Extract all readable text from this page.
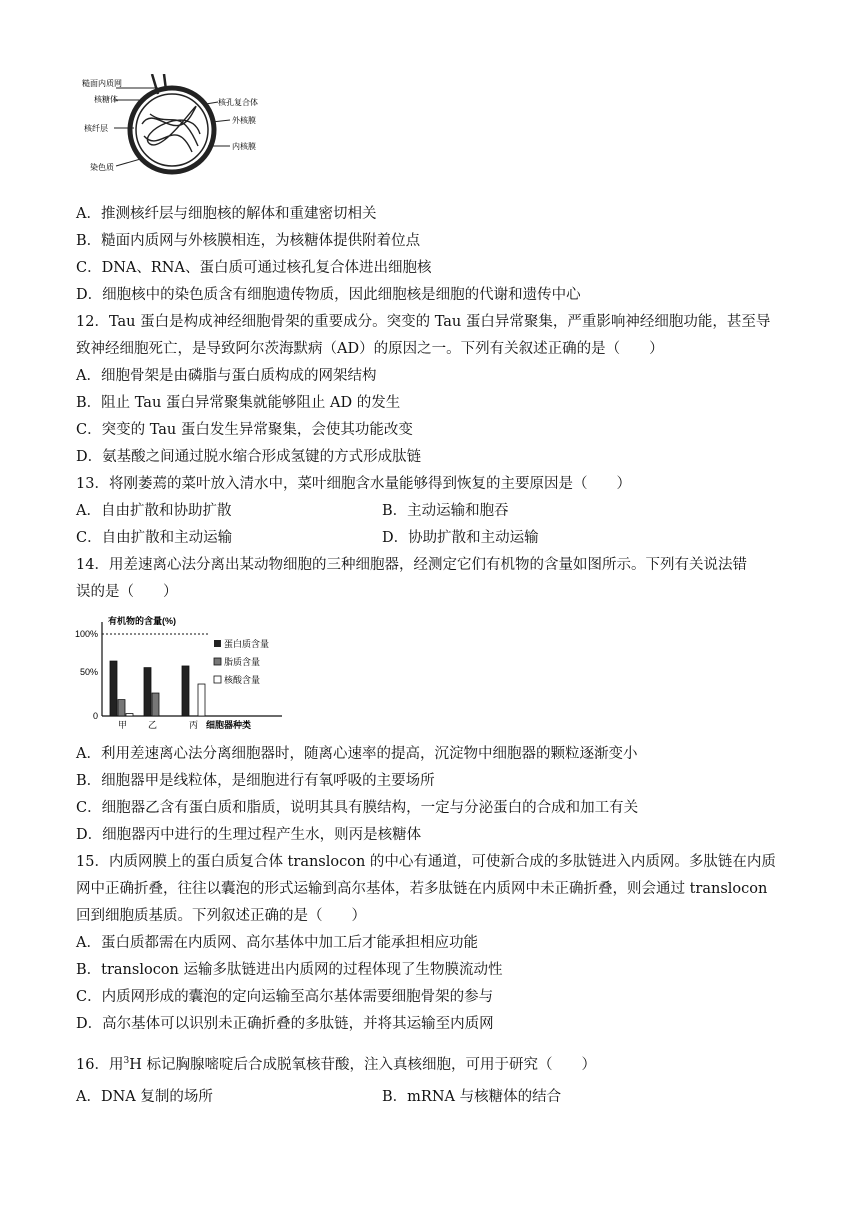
糙面内质网
核糖体
核纤层
染色质
核孔复合体
外核膜
内核膜
A．推测核纤层与细胞核的解体和重建密切相关
B．糙面内质网与外核膜相连，为核糖体提供附着位点
C．DNA、RNA、蛋白质可通过核孔复合体进出细胞核
D．细胞核中的染色质含有细胞遗传物质，因此细胞核是细胞的代谢和遗传中心
12．Tau 蛋白是构成神经细胞骨架的重要成分。突变的 Tau 蛋白异常聚集，严重影响神经细胞功能，甚至导
致神经细胞死亡，是导致阿尔茨海默病（AD）的原因之一。下列有关叙述正确的是（　　）
A．细胞骨架是由磷脂与蛋白质构成的网架结构
B．阻止 Tau 蛋白异常聚集就能够阻止 AD 的发生
C．突变的 Tau 蛋白发生异常聚集，会使其功能改变
D．氨基酸之间通过脱水缩合形成氢键的方式形成肽链
13．将刚萎蔫的菜叶放入清水中，菜叶细胞含水量能够得到恢复的主要原因是（　　）
A．自由扩散和协助扩散	B．主动运输和胞吞
C．自由扩散和主动运输	D．协助扩散和主动运输
14．用差速离心法分离出某动物细胞的三种细胞器，经测定它们有机物的含量如图所示。下列有关说法错
误的是（　　）
有机物的含量(%)
100%
50%
0
甲 乙	丙 细胞器种类
蛋白质含量
脂质含量
核酸含量
A．利用差速离心法分离细胞器时，随离心速率的提高，沉淀物中细胞器的颗粒逐渐变小
B．细胞器甲是线粒体，是细胞进行有氧呼吸的主要场所
C．细胞器乙含有蛋白质和脂质，说明其具有膜结构，一定与分泌蛋白的合成和加工有关
D．细胞器丙中进行的生理过程产生水，则丙是核糖体
15．内质网膜上的蛋白质复合体 translocon 的中心有通道，可使新合成的多肽链进入内质网。多肽链在内质
网中正确折叠，往往以囊泡的形式运输到高尔基体，若多肽链在内质网中未正确折叠，则会通过 translocon
回到细胞质基质。下列叙述正确的是（　　）
A．蛋白质都需在内质网、高尔基体中加工后才能承担相应功能
B．translocon 运输多肽链进出内质网的过程体现了生物膜流动性
C．内质网形成的囊泡的定向运输至高尔基体需要细胞骨架的参与
D．高尔基体可以识别未正确折叠的多肽链，并将其运输至内质网
16．用$^3$H 标记胸腺嘧啶后合成脱氧核苷酸，注入真核细胞，可用于研究（　　）
A．DNA 复制的场所	B．mRNA 与核糖体的结合
